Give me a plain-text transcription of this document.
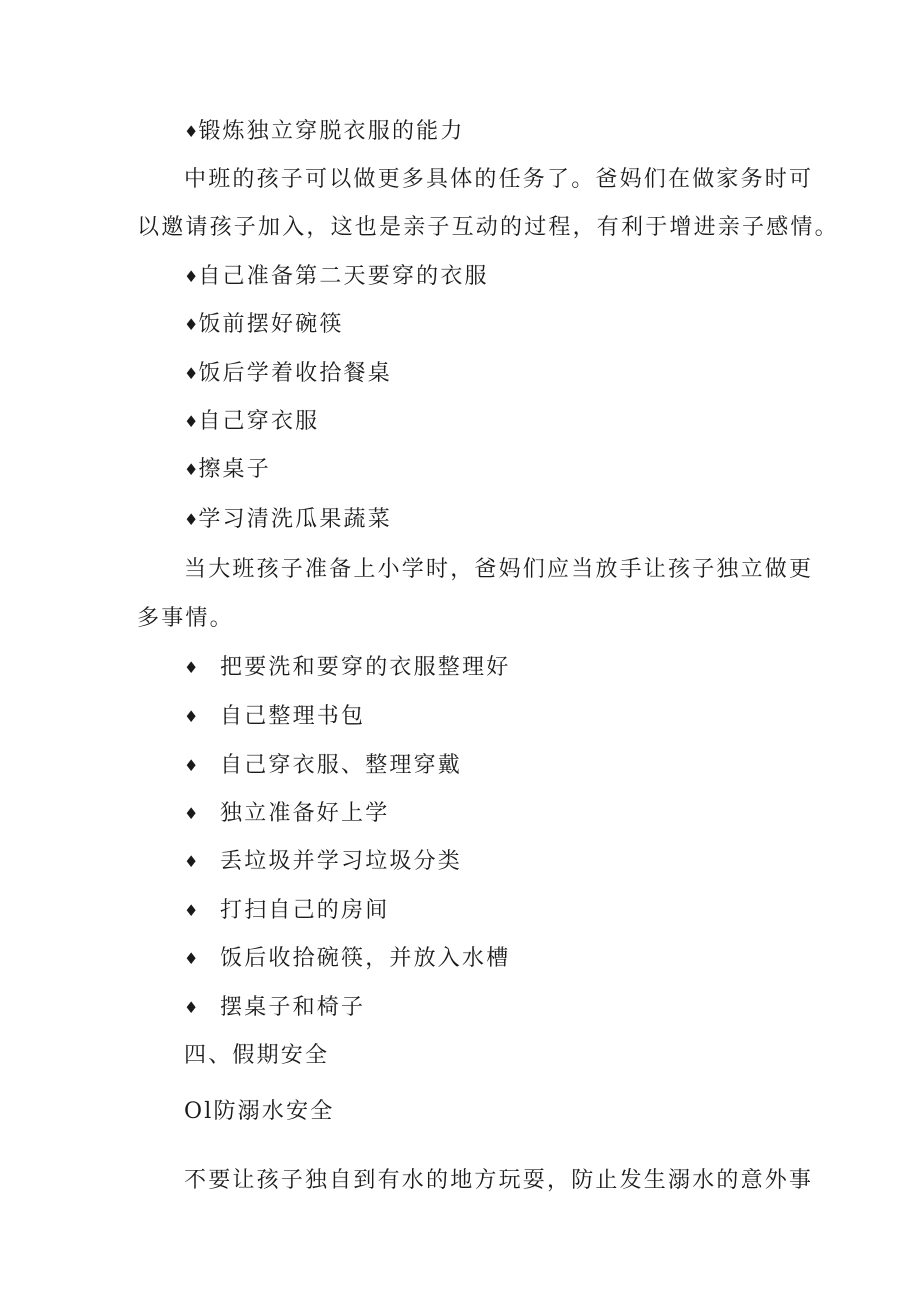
♦锻炼独立穿脱衣服的能力
中班的孩子可以做更多具体的任务了。爸妈们在做家务时可
以邀请孩子加入，这也是亲子互动的过程，有利于增进亲子感情。
♦自己准备第二天要穿的衣服
♦饭前摆好碗筷
♦饭后学着收拾餐桌
♦自己穿衣服
♦擦桌子
♦学习清洗瓜果蔬菜
当大班孩子准备上小学时，爸妈们应当放手让孩子独立做更
多事情。
♦ 把要洗和要穿的衣服整理好
♦ 自己整理书包
♦ 自己穿衣服、整理穿戴
♦ 独立准备好上学
♦ 丢垃圾并学习垃圾分类
♦ 打扫自己的房间
♦ 饭后收拾碗筷，并放入水槽
♦ 摆桌子和椅子
四、假期安全
Ol防溺水安全
不要让孩子独自到有水的地方玩耍，防止发生溺水的意外事
